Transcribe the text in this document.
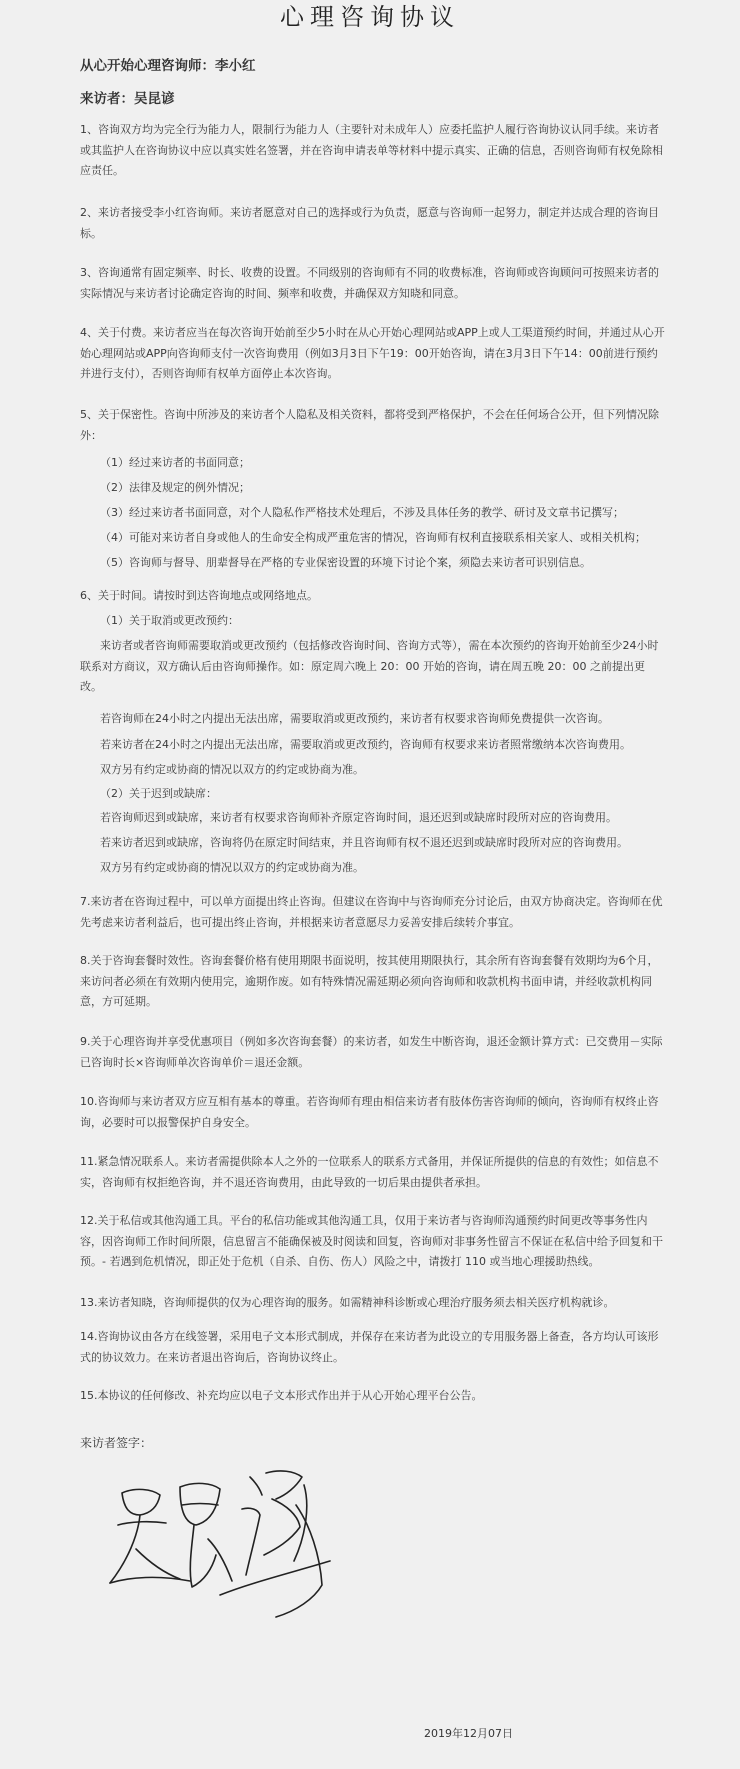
心理咨询协议
从心开始心理咨询师：李小红
来访者：吴昆谚
1、咨询双方均为完全行为能力人，限制行为能力人（主要针对未成年人）应委托监护人履行咨询协议认同手续。来访者或其监护人在咨询协议中应以真实姓名签署，并在咨询申请表单等材料中提示真实、正确的信息，否则咨询师有权免除相应责任。
2、来访者接受李小红咨询师。来访者愿意对自己的选择或行为负责，愿意与咨询师一起努力，制定并达成合理的咨询目标。
3、咨询通常有固定频率、时长、收费的设置。不同级别的咨询师有不同的收费标准，咨询师或咨询顾问可按照来访者的实际情况与来访者讨论确定咨询的时间、频率和收费，并确保双方知晓和同意。
4、关于付费。来访者应当在每次咨询开始前至少5小时在从心开始心理网站或APP上或人工渠道预约时间，并通过从心开始心理网站或APP向咨询师支付一次咨询费用（例如3月3日下午19：00开始咨询，请在3月3日下午14：00前进行预约并进行支付），否则咨询师有权单方面停止本次咨询。
5、关于保密性。咨询中所涉及的来访者个人隐私及相关资料，都将受到严格保护，不会在任何场合公开，但下列情况除外：
（1）经过来访者的书面同意；
（2）法律及规定的例外情况；
（3）经过来访者书面同意，对个人隐私作严格技术处理后，不涉及具体任务的教学、研讨及文章书记撰写；
（4）可能对来访者自身或他人的生命安全构成严重危害的情况，咨询师有权利直接联系相关家人、或相关机构；
（5）咨询师与督导、朋辈督导在严格的专业保密设置的环境下讨论个案，须隐去来访者可识别信息。
6、关于时间。请按时到达咨询地点或网络地点。
（1）关于取消或更改预约：
来访者或者咨询师需要取消或更改预约（包括修改咨询时间、咨询方式等），需在本次预约的咨询开始前至少24小时联系对方商议，双方确认后由咨询师操作。如：原定周六晚上 20：00 开始的咨询，请在周五晚 20：00 之前提出更改。
若咨询师在24小时之内提出无法出席，需要取消或更改预约，来访者有权要求咨询师免费提供一次咨询。
若来访者在24小时之内提出无法出席，需要取消或更改预约，咨询师有权要求来访者照常缴纳本次咨询费用。
双方另有约定或协商的情况以双方的约定或协商为准。
（2）关于迟到或缺席：
若咨询师迟到或缺席，来访者有权要求咨询师补齐原定咨询时间，退还迟到或缺席时段所对应的咨询费用。
若来访者迟到或缺席，咨询将仍在原定时间结束，并且咨询师有权不退还迟到或缺席时段所对应的咨询费用。
双方另有约定或协商的情况以双方的约定或协商为准。
7.来访者在咨询过程中，可以单方面提出终止咨询。但建议在咨询中与咨询师充分讨论后，由双方协商决定。咨询师在优先考虑来访者利益后，也可提出终止咨询，并根据来访者意愿尽力妥善安排后续转介事宜。
8.关于咨询套餐时效性。咨询套餐价格有使用期限书面说明，按其使用期限执行，其余所有咨询套餐有效期均为6个月，来访问者必须在有效期内使用完，逾期作废。如有特殊情况需延期必须向咨询师和收款机构书面申请，并经收款机构同意，方可延期。
9.关于心理咨询并享受优惠项目（例如多次咨询套餐）的来访者，如发生中断咨询，退还金额计算方式：已交费用－实际已咨询时长×咨询师单次咨询单价＝退还金额。
10.咨询师与来访者双方应互相有基本的尊重。若咨询师有理由相信来访者有肢体伤害咨询师的倾向，咨询师有权终止咨询，必要时可以报警保护自身安全。
11.紧急情况联系人。来访者需提供除本人之外的一位联系人的联系方式备用，并保证所提供的信息的有效性；如信息不实，咨询师有权拒绝咨询，并不退还咨询费用，由此导致的一切后果由提供者承担。
12.关于私信或其他沟通工具。平台的私信功能或其他沟通工具，仅用于来访者与咨询师沟通预约时间更改等事务性内容，因咨询师工作时间所限，信息留言不能确保被及时阅读和回复，咨询师对非事务性留言不保证在私信中给予回复和干预。- 若遇到危机情况，即正处于危机（自杀、自伤、伤人）风险之中，请拨打 110 或当地心理援助热线。
13.来访者知晓，咨询师提供的仅为心理咨询的服务。如需精神科诊断或心理治疗服务须去相关医疗机构就诊。
14.咨询协议由各方在线签署，采用电子文本形式制成，并保存在来访者为此设立的专用服务器上备查，各方均认可该形式的协议效力。在来访者退出咨询后，咨询协议终止。
15.本协议的任何修改、补充均应以电子文本形式作出并于从心开始心理平台公告。
来访者签字：
2019年12月07日
